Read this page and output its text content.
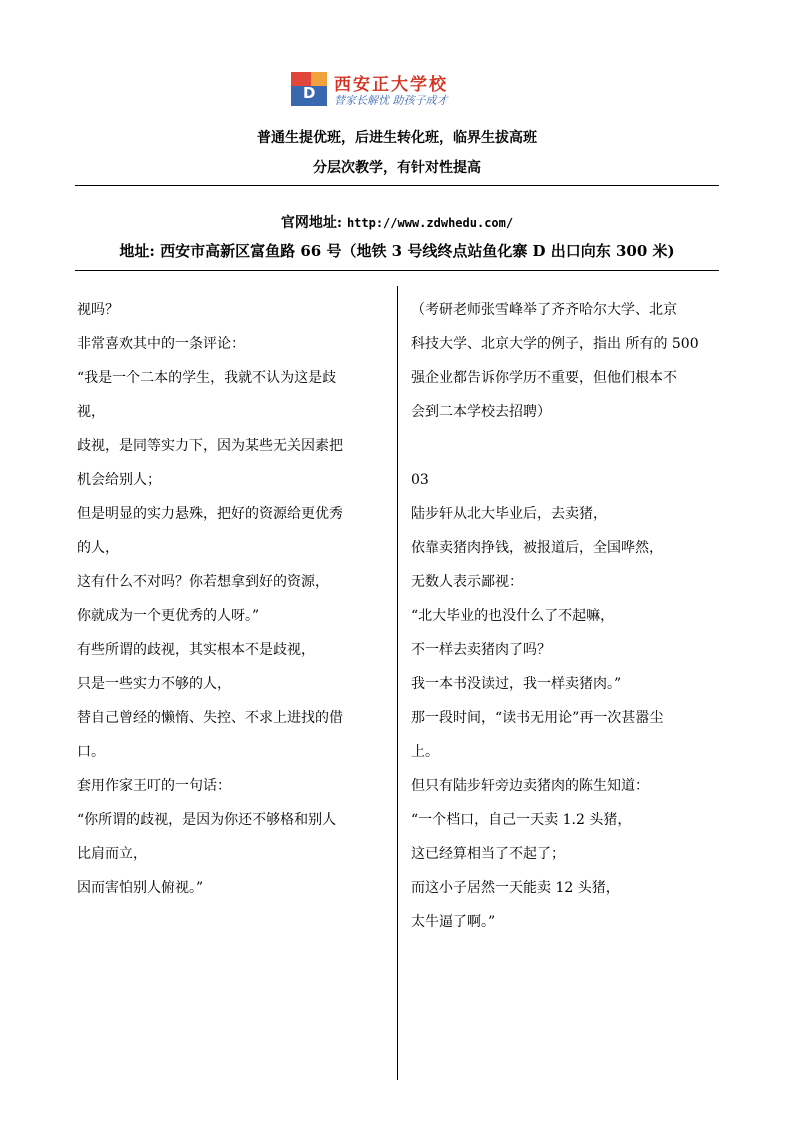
D 西安正大学校
替家长解忧 助孩子成才
普通生提优班，后进生转化班，临界生拔高班
分层次教学，有针对性提高
官网地址: http://www.zdwhedu.com/
地址: 西安市高新区富鱼路 66 号（地铁 3 号线终点站鱼化寨 D 出口向东 300 米)
视吗？
非常喜欢其中的一条评论：
“我是一个二本的学生，我就不认为这是歧
视，
歧视，是同等实力下，因为某些无关因素把
机会给别人；
但是明显的实力悬殊，把好的资源给更优秀
的人，
这有什么不对吗？你若想拿到好的资源，
你就成为一个更优秀的人呀。”
有些所谓的歧视，其实根本不是歧视，
只是一些实力不够的人，
替自己曾经的懒惰、失控、不求上进找的借
口。
套用作家王叮的一句话：
“你所谓的歧视，是因为你还不够格和别人
比肩而立，
因而害怕别人俯视。”
（考研老师张雪峰举了齐齐哈尔大学、北京
科技大学、北京大学的例子，指出 所有的 500
强企业都告诉你学历不重要，但他们根本不
会到二本学校去招聘）
03
陆步轩从北大毕业后，去卖猪，
依靠卖猪肉挣钱，被报道后，全国哗然，
无数人表示鄙视：
“北大毕业的也没什么了不起嘛，
不一样去卖猪肉了吗？
我一本书没读过，我一样卖猪肉。”
那一段时间，“读书无用论”再一次甚嚣尘
上。
但只有陆步轩旁边卖猪肉的陈生知道：
“一个档口，自己一天卖 1.2 头猪，
这已经算相当了不起了；
而这小子居然一天能卖 12 头猪，
太牛逼了啊。”
